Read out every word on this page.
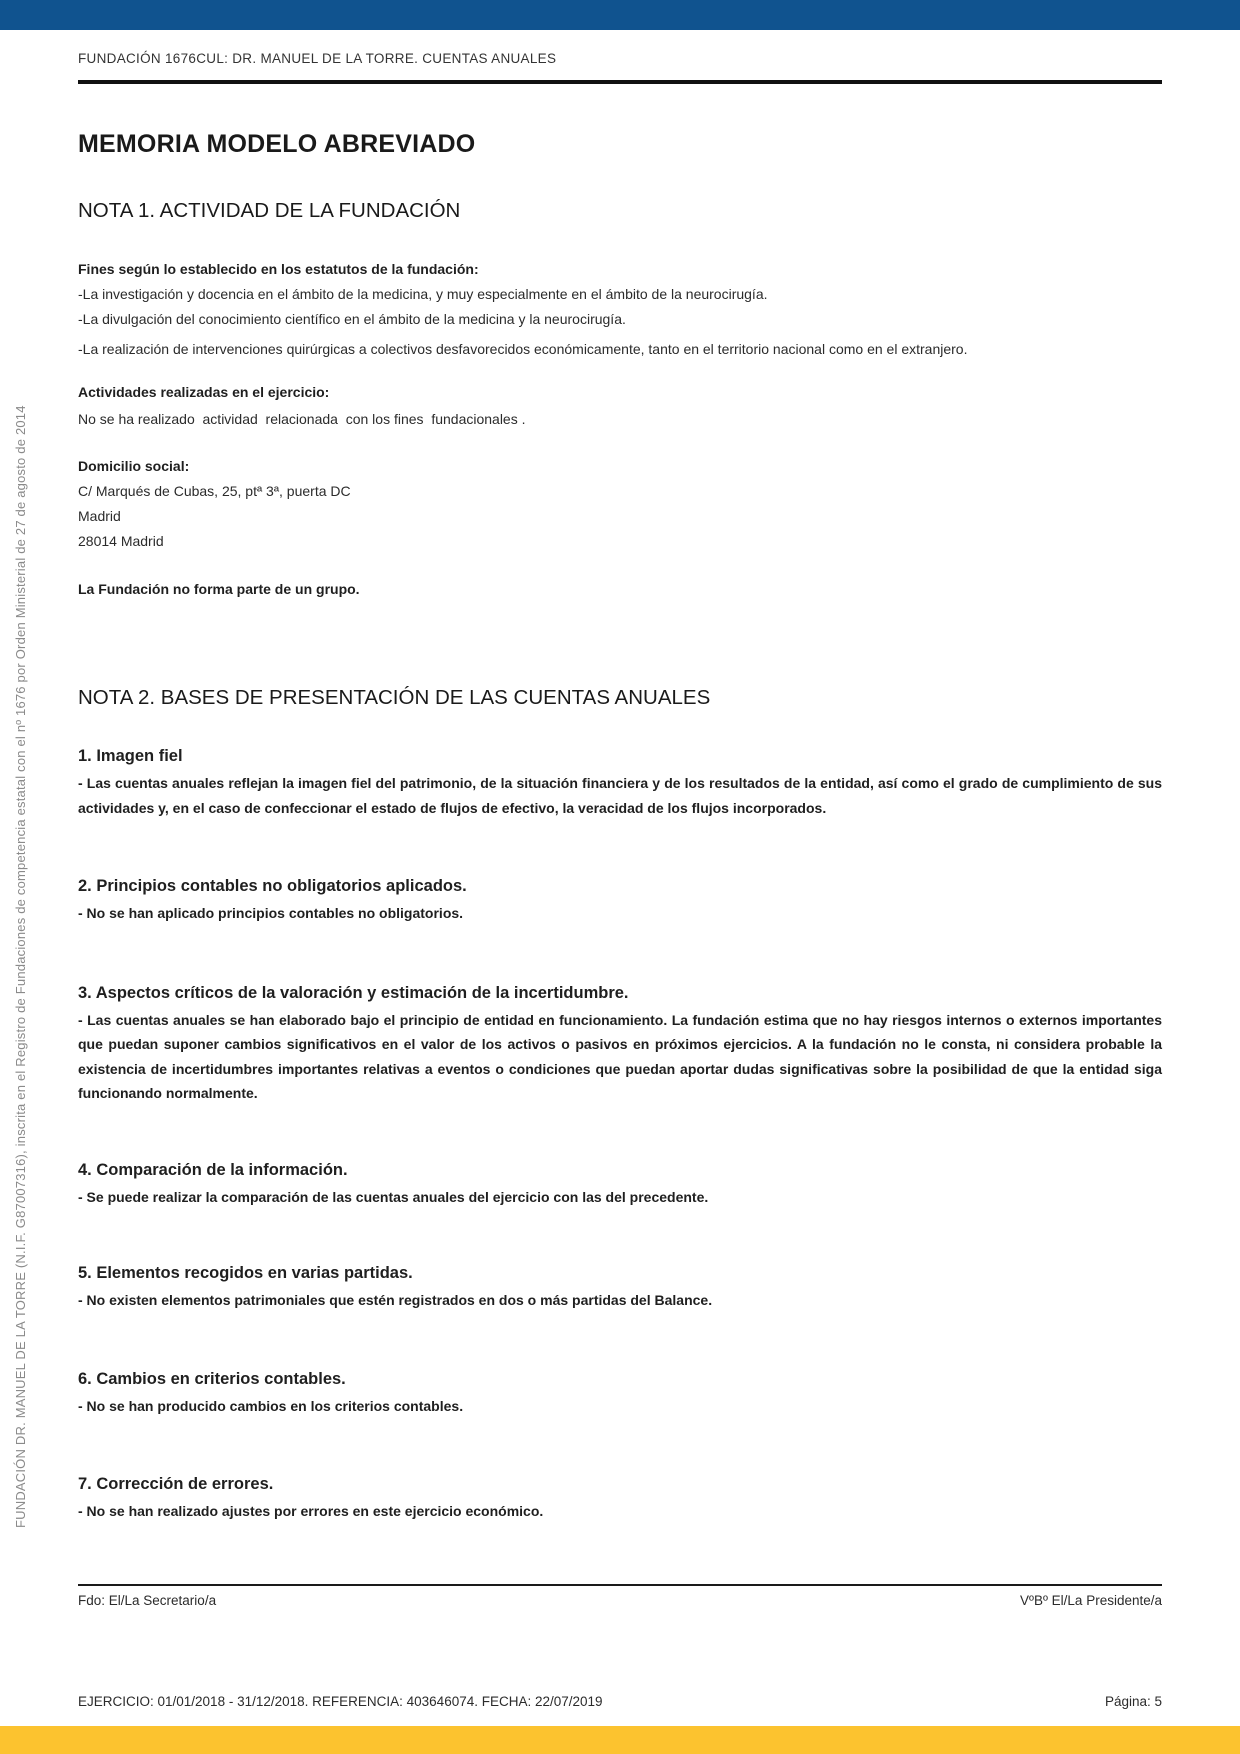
FUNDACIÓN DR. MANUEL DE LA TORRE (N.I.F. G87007316), inscrita en el Registro de Fundaciones de competencia estatal con el nº 1676 por Orden Ministerial de 27 de agosto de 2014
FUNDACIÓN 1676CUL: DR. MANUEL DE LA TORRE. CUENTAS ANUALES
MEMORIA MODELO ABREVIADO
NOTA 1. ACTIVIDAD DE LA FUNDACIÓN

Fines según lo establecido en los estatutos de la fundación:

-La investigación y docencia en el ámbito de la medicina, y muy especialmente en el ámbito de la neurocirugía.

-La divulgación del conocimiento científico en el ámbito de la medicina y la neurocirugía.

-La realización de intervenciones quirúrgicas a colectivos desfavorecidos económicamente, tanto en el territorio nacional como en el extranjero.

Actividades realizadas en el ejercicio:

No se ha realizado  actividad  relacionada  con los fines  fundacionales .

Domicilio social:

C/ Marqués de Cubas, 25, ptª 3ª, puerta DC

Madrid

28014 Madrid

La Fundación no forma parte de un grupo.

NOTA 2. BASES DE PRESENTACIÓN DE LAS CUENTAS ANUALES

1. Imagen fiel

- Las cuentas anuales reflejan la imagen fiel del patrimonio, de la situación financiera y de los resultados de la entidad, así como el grado de cumplimiento de sus actividades y, en el caso de confeccionar el estado de flujos de efectivo, la veracidad de los flujos incorporados.

2. Principios contables no obligatorios aplicados.

- No se han aplicado principios contables no obligatorios.

3. Aspectos críticos de la valoración y estimación de la incertidumbre.

- Las cuentas anuales se han elaborado bajo el principio de entidad en funcionamiento. La fundación estima que no hay riesgos internos o externos importantes que puedan suponer cambios significativos en el valor de los activos o pasivos en próximos ejercicios. A la fundación no le consta, ni considera probable la existencia de incertidumbres importantes relativas a eventos o condiciones que puedan aportar dudas significativas sobre la posibilidad de que la entidad siga funcionando normalmente.

4. Comparación de la información.

- Se puede realizar la comparación de las cuentas anuales del ejercicio con las del precedente.

5. Elementos recogidos en varias partidas.

- No existen elementos patrimoniales que estén registrados en dos o más partidas del Balance.

6. Cambios en criterios contables.

- No se han producido cambios en los criterios contables.

7. Corrección de errores.

- No se han realizado ajustes por errores en este ejercicio económico.

Fdo: El/La Secretario/a	VºBº El/La Presidente/a
EJERCICIO: 01/01/2018 - 31/12/2018. REFERENCIA: 403646074. FECHA: 22/07/2019	Página: 5
